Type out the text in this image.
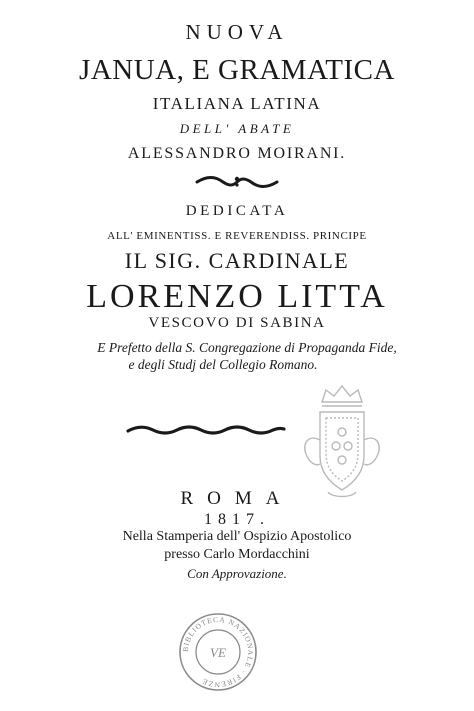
NUOVA
JANUA, E GRAMATICA
ITALIANA LATINA
DELL' ABATE
ALESSANDRO MOIRANI.
DEDICATA
ALL' EMINENTISS. E REVERENDISS. PRINCIPE
IL SIG. CARDINALE
LORENZO LITTA
VESCOVO DI SABINA
E Prefetto della S. Congregazione di Propaganda Fide,
e degli Studj del Collegio Romano.
ROMA
1817.
Nella Stamperia dell' Ospizio Apostolico
presso Carlo Mordacchini
Con Approvazione.
BIBLIOTECA NAZIONALE · FIRENZE
VE
